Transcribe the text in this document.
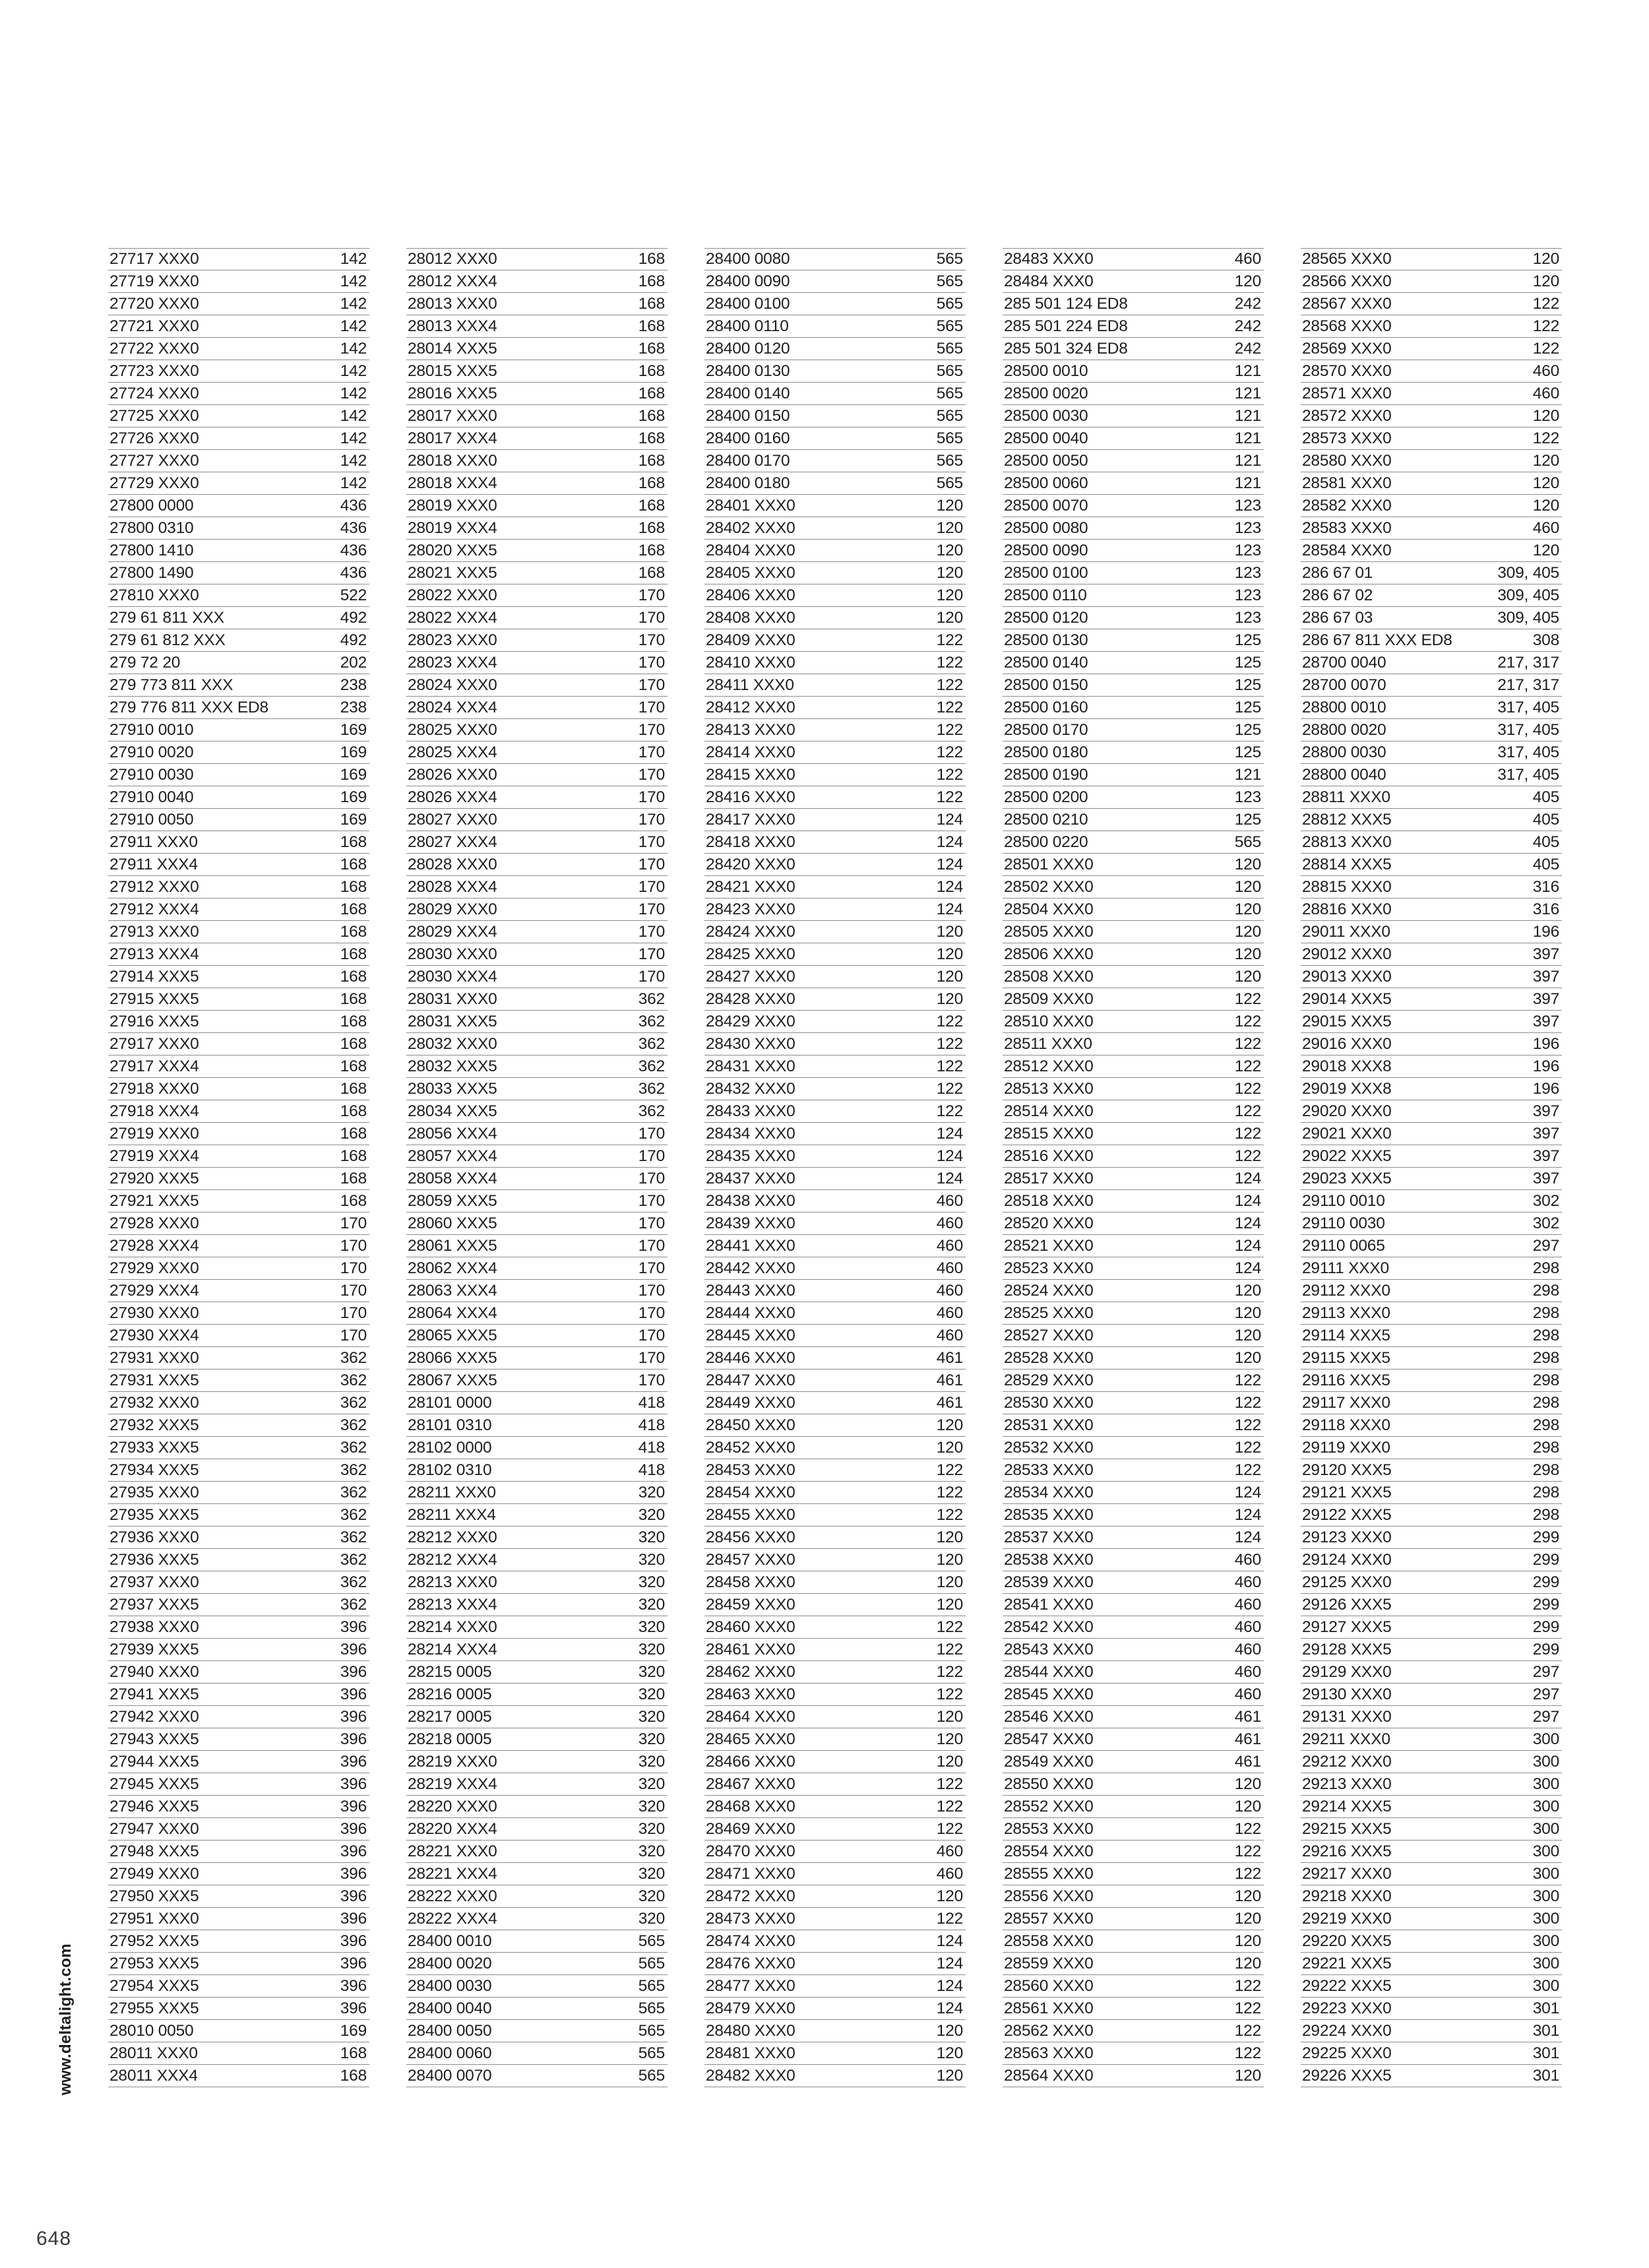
27717 XXX0	142
27719 XXX0	142
27720 XXX0	142
27721 XXX0	142
27722 XXX0	142
27723 XXX0	142
27724 XXX0	142
27725 XXX0	142
27726 XXX0	142
27727 XXX0	142
27729 XXX0	142
27800 0000	436
27800 0310	436
27800 1410	436
27800 1490	436
27810 XXX0	522
279 61 811 XXX	492
279 61 812 XXX	492
279 72 20	202
279 773 811 XXX	238
279 776 811 XXX ED8	238
27910 0010	169
27910 0020	169
27910 0030	169
27910 0040	169
27910 0050	169
27911 XXX0	168
27911 XXX4	168
27912 XXX0	168
27912 XXX4	168
27913 XXX0	168
27913 XXX4	168
27914 XXX5	168
27915 XXX5	168
27916 XXX5	168
27917 XXX0	168
27917 XXX4	168
27918 XXX0	168
27918 XXX4	168
27919 XXX0	168
27919 XXX4	168
27920 XXX5	168
27921 XXX5	168
27928 XXX0	170
27928 XXX4	170
27929 XXX0	170
27929 XXX4	170
27930 XXX0	170
27930 XXX4	170
27931 XXX0	362
27931 XXX5	362
27932 XXX0	362
27932 XXX5	362
27933 XXX5	362
27934 XXX5	362
27935 XXX0	362
27935 XXX5	362
27936 XXX0	362
27936 XXX5	362
27937 XXX0	362
27937 XXX5	362
27938 XXX0	396
27939 XXX5	396
27940 XXX0	396
27941 XXX5	396
27942 XXX0	396
27943 XXX5	396
27944 XXX5	396
27945 XXX5	396
27946 XXX5	396
27947 XXX0	396
27948 XXX5	396
27949 XXX0	396
27950 XXX5	396
27951 XXX0	396
27952 XXX5	396
27953 XXX5	396
27954 XXX5	396
27955 XXX5	396
28010 0050	169
28011 XXX0	168
28011 XXX4	168
28012 XXX0	168
28012 XXX4	168
28013 XXX0	168
28013 XXX4	168
28014 XXX5	168
28015 XXX5	168
28016 XXX5	168
28017 XXX0	168
28017 XXX4	168
28018 XXX0	168
28018 XXX4	168
28019 XXX0	168
28019 XXX4	168
28020 XXX5	168
28021 XXX5	168
28022 XXX0	170
28022 XXX4	170
28023 XXX0	170
28023 XXX4	170
28024 XXX0	170
28024 XXX4	170
28025 XXX0	170
28025 XXX4	170
28026 XXX0	170
28026 XXX4	170
28027 XXX0	170
28027 XXX4	170
28028 XXX0	170
28028 XXX4	170
28029 XXX0	170
28029 XXX4	170
28030 XXX0	170
28030 XXX4	170
28031 XXX0	362
28031 XXX5	362
28032 XXX0	362
28032 XXX5	362
28033 XXX5	362
28034 XXX5	362
28056 XXX4	170
28057 XXX4	170
28058 XXX4	170
28059 XXX5	170
28060 XXX5	170
28061 XXX5	170
28062 XXX4	170
28063 XXX4	170
28064 XXX4	170
28065 XXX5	170
28066 XXX5	170
28067 XXX5	170
28101 0000	418
28101 0310	418
28102 0000	418
28102 0310	418
28211 XXX0	320
28211 XXX4	320
28212 XXX0	320
28212 XXX4	320
28213 XXX0	320
28213 XXX4	320
28214 XXX0	320
28214 XXX4	320
28215 0005	320
28216 0005	320
28217 0005	320
28218 0005	320
28219 XXX0	320
28219 XXX4	320
28220 XXX0	320
28220 XXX4	320
28221 XXX0	320
28221 XXX4	320
28222 XXX0	320
28222 XXX4	320
28400 0010	565
28400 0020	565
28400 0030	565
28400 0040	565
28400 0050	565
28400 0060	565
28400 0070	565
28400 0080	565
28400 0090	565
28400 0100	565
28400 0110	565
28400 0120	565
28400 0130	565
28400 0140	565
28400 0150	565
28400 0160	565
28400 0170	565
28400 0180	565
28401 XXX0	120
28402 XXX0	120
28404 XXX0	120
28405 XXX0	120
28406 XXX0	120
28408 XXX0	120
28409 XXX0	122
28410 XXX0	122
28411 XXX0	122
28412 XXX0	122
28413 XXX0	122
28414 XXX0	122
28415 XXX0	122
28416 XXX0	122
28417 XXX0	124
28418 XXX0	124
28420 XXX0	124
28421 XXX0	124
28423 XXX0	124
28424 XXX0	120
28425 XXX0	120
28427 XXX0	120
28428 XXX0	120
28429 XXX0	122
28430 XXX0	122
28431 XXX0	122
28432 XXX0	122
28433 XXX0	122
28434 XXX0	124
28435 XXX0	124
28437 XXX0	124
28438 XXX0	460
28439 XXX0	460
28441 XXX0	460
28442 XXX0	460
28443 XXX0	460
28444 XXX0	460
28445 XXX0	460
28446 XXX0	461
28447 XXX0	461
28449 XXX0	461
28450 XXX0	120
28452 XXX0	120
28453 XXX0	122
28454 XXX0	122
28455 XXX0	122
28456 XXX0	120
28457 XXX0	120
28458 XXX0	120
28459 XXX0	120
28460 XXX0	122
28461 XXX0	122
28462 XXX0	122
28463 XXX0	122
28464 XXX0	120
28465 XXX0	120
28466 XXX0	120
28467 XXX0	122
28468 XXX0	122
28469 XXX0	122
28470 XXX0	460
28471 XXX0	460
28472 XXX0	120
28473 XXX0	122
28474 XXX0	124
28476 XXX0	124
28477 XXX0	124
28479 XXX0	124
28480 XXX0	120
28481 XXX0	120
28482 XXX0	120
28483 XXX0	460
28484 XXX0	120
285 501 124 ED8	242
285 501 224 ED8	242
285 501 324 ED8	242
28500 0010	121
28500 0020	121
28500 0030	121
28500 0040	121
28500 0050	121
28500 0060	121
28500 0070	123
28500 0080	123
28500 0090	123
28500 0100	123
28500 0110	123
28500 0120	123
28500 0130	125
28500 0140	125
28500 0150	125
28500 0160	125
28500 0170	125
28500 0180	125
28500 0190	121
28500 0200	123
28500 0210	125
28500 0220	565
28501 XXX0	120
28502 XXX0	120
28504 XXX0	120
28505 XXX0	120
28506 XXX0	120
28508 XXX0	120
28509 XXX0	122
28510 XXX0	122
28511 XXX0	122
28512 XXX0	122
28513 XXX0	122
28514 XXX0	122
28515 XXX0	122
28516 XXX0	122
28517 XXX0	124
28518 XXX0	124
28520 XXX0	124
28521 XXX0	124
28523 XXX0	124
28524 XXX0	120
28525 XXX0	120
28527 XXX0	120
28528 XXX0	120
28529 XXX0	122
28530 XXX0	122
28531 XXX0	122
28532 XXX0	122
28533 XXX0	122
28534 XXX0	124
28535 XXX0	124
28537 XXX0	124
28538 XXX0	460
28539 XXX0	460
28541 XXX0	460
28542 XXX0	460
28543 XXX0	460
28544 XXX0	460
28545 XXX0	460
28546 XXX0	461
28547 XXX0	461
28549 XXX0	461
28550 XXX0	120
28552 XXX0	120
28553 XXX0	122
28554 XXX0	122
28555 XXX0	122
28556 XXX0	120
28557 XXX0	120
28558 XXX0	120
28559 XXX0	120
28560 XXX0	122
28561 XXX0	122
28562 XXX0	122
28563 XXX0	122
28564 XXX0	120
28565 XXX0	120
28566 XXX0	120
28567 XXX0	122
28568 XXX0	122
28569 XXX0	122
28570 XXX0	460
28571 XXX0	460
28572 XXX0	120
28573 XXX0	122
28580 XXX0	120
28581 XXX0	120
28582 XXX0	120
28583 XXX0	460
28584 XXX0	120
286 67 01	309, 405
286 67 02	309, 405
286 67 03	309, 405
286 67 811 XXX ED8	308
28700 0040	217, 317
28700 0070	217, 317
28800 0010	317, 405
28800 0020	317, 405
28800 0030	317, 405
28800 0040	317, 405
28811 XXX0	405
28812 XXX5	405
28813 XXX0	405
28814 XXX5	405
28815 XXX0	316
28816 XXX0	316
29011 XXX0	196
29012 XXX0	397
29013 XXX0	397
29014 XXX5	397
29015 XXX5	397
29016 XXX0	196
29018 XXX8	196
29019 XXX8	196
29020 XXX0	397
29021 XXX0	397
29022 XXX5	397
29023 XXX5	397
29110 0010	302
29110 0030	302
29110 0065	297
29111 XXX0	298
29112 XXX0	298
29113 XXX0	298
29114 XXX5	298
29115 XXX5	298
29116 XXX5	298
29117 XXX0	298
29118 XXX0	298
29119 XXX0	298
29120 XXX5	298
29121 XXX5	298
29122 XXX5	298
29123 XXX0	299
29124 XXX0	299
29125 XXX0	299
29126 XXX5	299
29127 XXX5	299
29128 XXX5	299
29129 XXX0	297
29130 XXX0	297
29131 XXX0	297
29211 XXX0	300
29212 XXX0	300
29213 XXX0	300
29214 XXX5	300
29215 XXX5	300
29216 XXX5	300
29217 XXX0	300
29218 XXX0	300
29219 XXX0	300
29220 XXX5	300
29221 XXX5	300
29222 XXX5	300
29223 XXX0	301
29224 XXX0	301
29225 XXX0	301
29226 XXX5	301
www.deltalight.com
648
